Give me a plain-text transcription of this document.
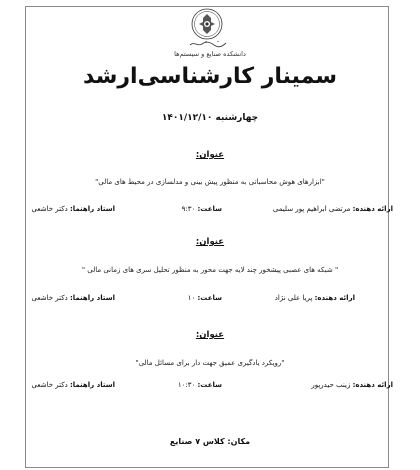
دانشکده صنایع و سیستم‌ها
سمینار کارشناسی‌ارشد
چهارشنبه ۱۴۰۱/۱۲/۱۰
عنوان:
"ابزارهای هوش محاسباتی به منظور پیش بینی و مدلسازی در محیط های مالی"
ارائه دهنده: مرتضی ابراهیم پور سلیمی
ساعت: ۹:۳۰
استاد راهنما: دکتر خاشعی
عنوان:
" شبکه های عصبی پیشخور چند لایه جهت محور به منظور تحلیل سری های زمانی مالی "
ارائه دهنده: پریا علی نژاد
ساعت: ۱۰
استاد راهنما: دکتر خاشعی
عنوان:
"رویکرد یادگیری عمیق جهت دار برای مسائل مالی"
ارائه دهنده: زینب حیدرپور
ساعت: ۱۰:۳۰
استاد راهنما: دکتر خاشعی
مکان: کلاس ۷ صنایع
